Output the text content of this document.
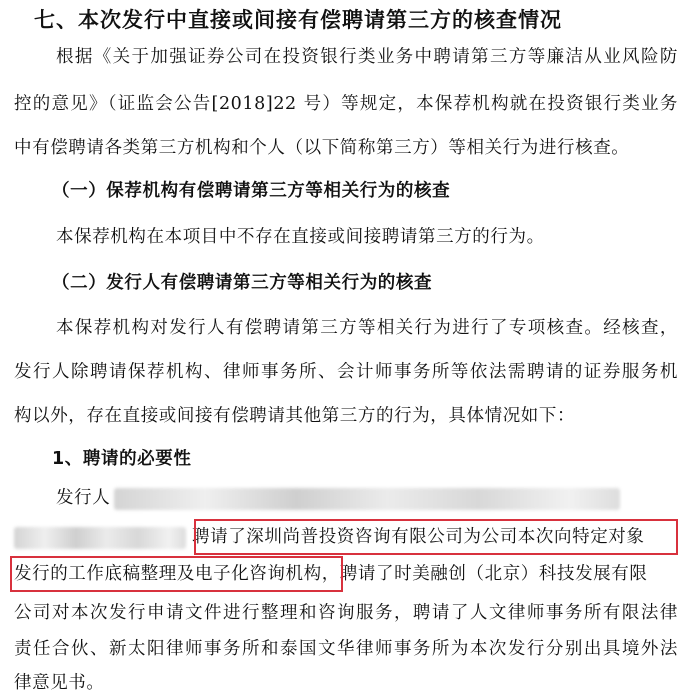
七、本次发行中直接或间接有偿聘请第三方的核查情况
根据《关于加强证券公司在投资银行类业务中聘请第三方等廉洁从业风险防
控的意见》（证监会公告[2018]22 号）等规定，本保荐机构就在投资银行类业务
中有偿聘请各类第三方机构和个人（以下简称第三方）等相关行为进行核查。
（一）保荐机构有偿聘请第三方等相关行为的核查
本保荐机构在本项目中不存在直接或间接聘请第三方的行为。
（二）发行人有偿聘请第三方等相关行为的核查
本保荐机构对发行人有偿聘请第三方等相关行为进行了专项核查。经核查，
发行人除聘请保荐机构、律师事务所、会计师事务所等依法需聘请的证券服务机
构以外，存在直接或间接有偿聘请其他第三方的行为，具体情况如下：
1、聘请的必要性
发行人
聘请了深圳尚普投资咨询有限公司为公司本次向特定对象
发行的工作底稿整理及电子化咨询机构，聘请了时美融创（北京）科技发展有限
公司对本次发行申请文件进行整理和咨询服务，聘请了人文律师事务所有限法律
责任合伙、新太阳律师事务所和泰国文华律师事务所为本次发行分别出具境外法
律意见书。
